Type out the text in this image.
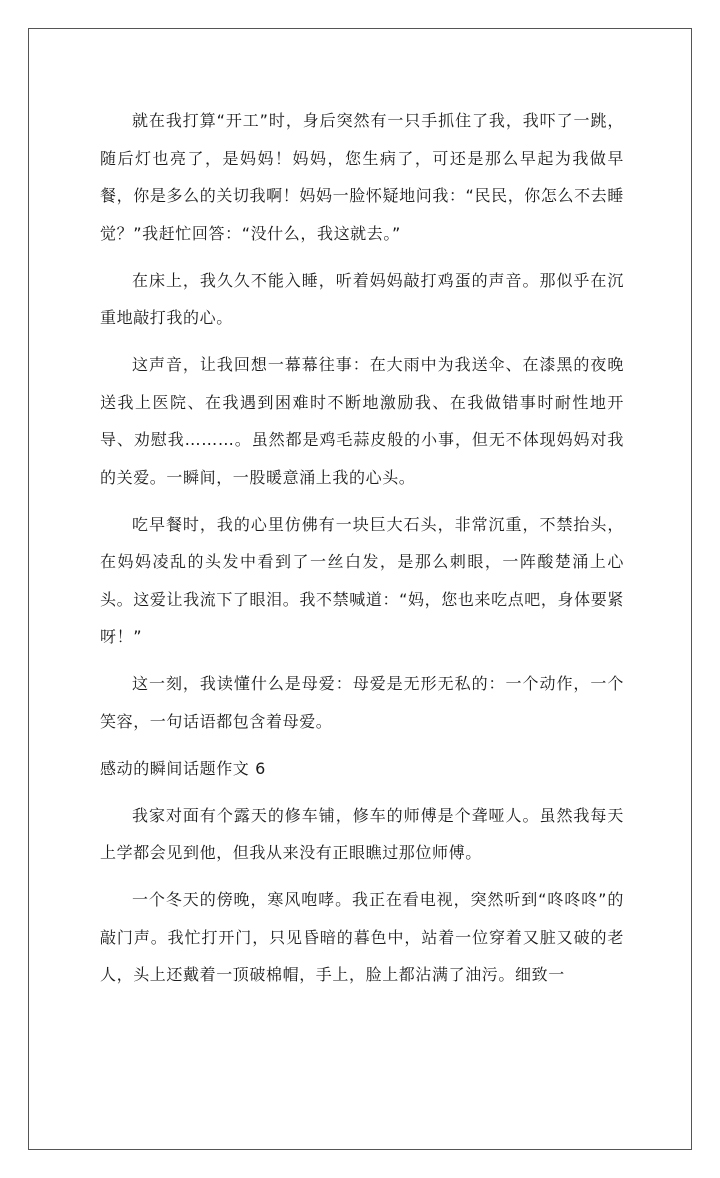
就在我打算“开工”时，身后突然有一只手抓住了我，我吓了一跳，随后灯也亮了，是妈妈！妈妈，您生病了，可还是那么早起为我做早餐，你是多么的关切我啊！妈妈一脸怀疑地问我：“民民，你怎么不去睡觉？”我赶忙回答：“没什么，我这就去。”

在床上，我久久不能入睡，听着妈妈敲打鸡蛋的声音。那似乎在沉重地敲打我的心。

这声音，让我回想一幕幕往事：在大雨中为我送伞、在漆黑的夜晚送我上医院、在我遇到困难时不断地激励我、在我做错事时耐性地开导、劝慰我………。虽然都是鸡毛蒜皮般的小事，但无不体现妈妈对我的关爱。一瞬间，一股暖意涌上我的心头。

吃早餐时，我的心里仿佛有一块巨大石头，非常沉重，不禁抬头，在妈妈凌乱的头发中看到了一丝白发，是那么刺眼，一阵酸楚涌上心头。这爱让我流下了眼泪。我不禁喊道：“妈，您也来吃点吧，身体要紧呀！”

这一刻，我读懂什么是母爱：母爱是无形无私的：一个动作，一个笑容，一句话语都包含着母爱。

感动的瞬间话题作文 6

我家对面有个露天的修车铺，修车的师傅是个聋哑人。虽然我每天上学都会见到他，但我从来没有正眼瞧过那位师傅。

一个冬天的傍晚，寒风咆哮。我正在看电视，突然听到“咚咚咚”的敲门声。我忙打开门，只见昏暗的暮色中，站着一位穿着又脏又破的老人，头上还戴着一顶破棉帽，手上，脸上都沾满了油污。细致一
